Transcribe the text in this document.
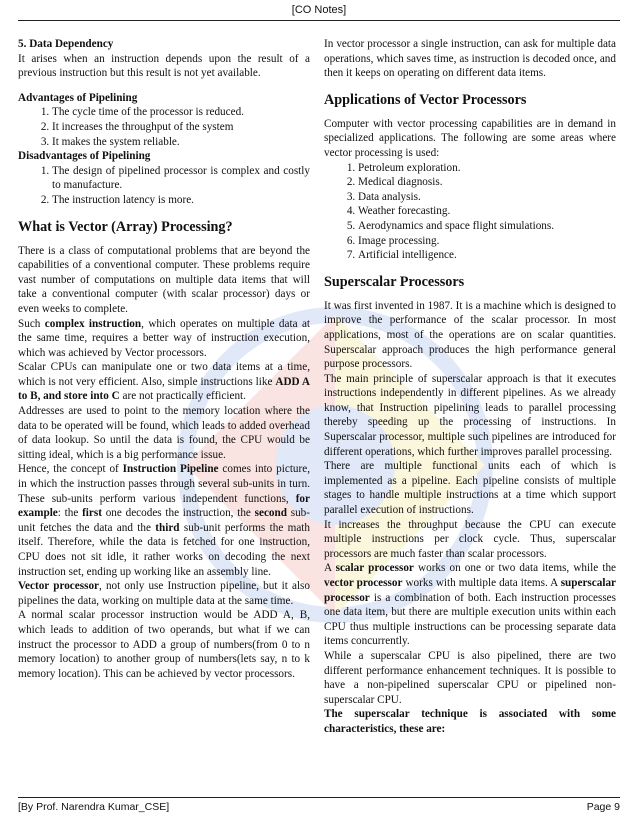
[CO Notes]

5. Data Dependency

It arises when an instruction depends upon the result of a previous instruction but this result is not yet available.

Advantages of Pipelining

1. The cycle time of the processor is reduced.
2. It increases the throughput of the system
3. It makes the system reliable.

Disadvantages of Pipelining

1. The design of pipelined processor is complex and costly to manufacture.
2. The instruction latency is more.

What is Vector (Array) Processing?

There is a class of computational problems that are beyond the capabilities of a conventional computer. These problems require vast number of computations on multiple data items that will take a conventional computer (with scalar processor) days or even weeks to complete.

Such complex instruction, which operates on multiple data at the same time, requires a better way of instruction execution, which was achieved by Vector processors.

Scalar CPUs can manipulate one or two data items at a time, which is not very efficient. Also, simple instructions like ADD A to B, and store into C are not practically efficient.

Addresses are used to point to the memory location where the data to be operated will be found, which leads to added overhead of data lookup. So until the data is found, the CPU would be sitting ideal, which is a big performance issue.

Hence, the concept of Instruction Pipeline comes into picture, in which the instruction passes through several sub-units in turn. These sub-units perform various independent functions, for example: the first one decodes the instruction, the second sub-unit fetches the data and the third sub-unit performs the math itself. Therefore, while the data is fetched for one instruction, CPU does not sit idle, it rather works on decoding the next instruction set, ending up working like an assembly line.

Vector processor, not only use Instruction pipeline, but it also pipelines the data, working on multiple data at the same time.

A normal scalar processor instruction would be ADD A, B, which leads to addition of two operands, but what if we can instruct the processor to ADD a group of numbers(from 0 to n memory location) to another group of numbers(lets say, n to k memory location). This can be achieved by vector processors.

In vector processor a single instruction, can ask for multiple data operations, which saves time, as instruction is decoded once, and then it keeps on operating on different data items.

Applications of Vector Processors

Computer with vector processing capabilities are in demand in specialized applications. The following are some areas where vector processing is used:

1. Petroleum exploration.
2. Medical diagnosis.
3. Data analysis.
4. Weather forecasting.
5. Aerodynamics and space flight simulations.
6. Image processing.
7. Artificial intelligence.

Superscalar Processors

It was first invented in 1987. It is a machine which is designed to improve the performance of the scalar processor. In most applications, most of the operations are on scalar quantities. Superscalar approach produces the high performance general purpose processors.

The main principle of superscalar approach is that it executes instructions independently in different pipelines. As we already know, that Instruction pipelining leads to parallel processing thereby speeding up the processing of instructions. In Superscalar processor, multiple such pipelines are introduced for different operations, which further improves parallel processing.

There are multiple functional units each of which is implemented as a pipeline. Each pipeline consists of multiple stages to handle multiple instructions at a time which support parallel execution of instructions.

It increases the throughput because the CPU can execute multiple instructions per clock cycle. Thus, superscalar processors are much faster than scalar processors.

A scalar processor works on one or two data items, while the vector processor works with multiple data items. A superscalar processor is a combination of both. Each instruction processes one data item, but there are multiple execution units within each CPU thus multiple instructions can be processing separate data items concurrently.

While a superscalar CPU is also pipelined, there are two different performance enhancement techniques. It is possible to have a non-pipelined superscalar CPU or pipelined non-superscalar CPU.

The superscalar technique is associated with some characteristics, these are:

[By Prof. Narendra Kumar_CSE]	Page 9
